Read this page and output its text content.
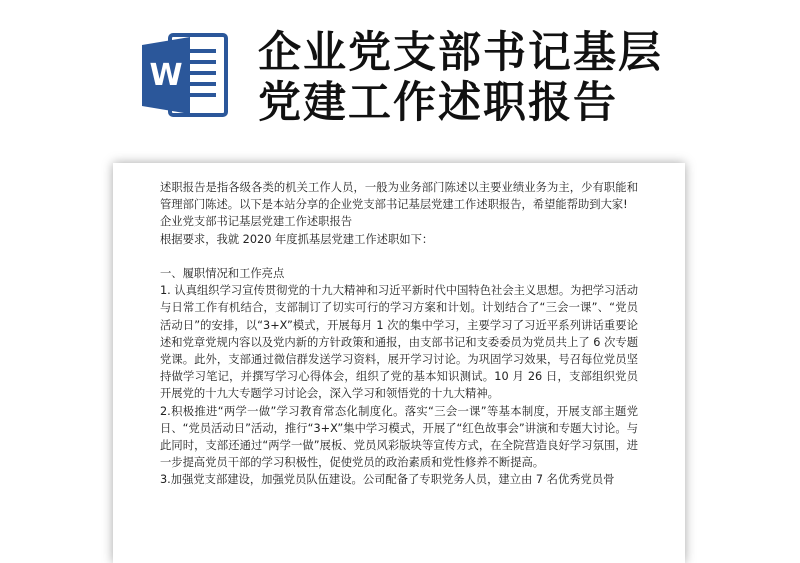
W 企业党支部书记基层
党建工作述职报告

述职报告是指各级各类的机关工作人员，一般为业务部门陈述以主要业绩业务为主，少有职能和管理部门陈述。以下是本站分享的企业党支部书记基层党建工作述职报告，希望能帮助到大家!

企业党支部书记基层党建工作述职报告

根据要求，我就 2020 年度抓基层党建工作述职如下：

一、履职情况和工作亮点

1. 认真组织学习宣传贯彻党的十九大精神和习近平新时代中国特色社会主义思想。为把学习活动与日常工作有机结合，支部制订了切实可行的学习方案和计划。计划结合了“三会一课”、“党员活动日”的安排，以“3+X”模式，开展每月 1 次的集中学习，主要学习了习近平系列讲话重要论述和党章党规内容以及党内新的方针政策和通报，由支部书记和支委委员为党员共上了 6 次专题党课。此外，支部通过微信群发送学习资料，展开学习讨论。为巩固学习效果，号召每位党员坚持做学习笔记，并撰写学习心得体会，组织了党的基本知识测试。10 月 26 日，支部组织党员开展党的十九大专题学习讨论会，深入学习和领悟党的十九大精神。

2.积极推进“两学一做”学习教育常态化制度化。落实“三会一课”等基本制度，开展支部主题党日、“党员活动日”活动，推行“3+X”集中学习模式，开展了“红色故事会”讲演和专题大讨论。与此同时，支部还通过“两学一做”展板、党员风彩版块等宣传方式，在全院营造良好学习氛围，进一步提高党员干部的学习积极性，促使党员的政治素质和党性修养不断提高。

3.加强党支部建设，加强党员队伍建设。公司配备了专职党务人员，建立由 7 名优秀党员骨
